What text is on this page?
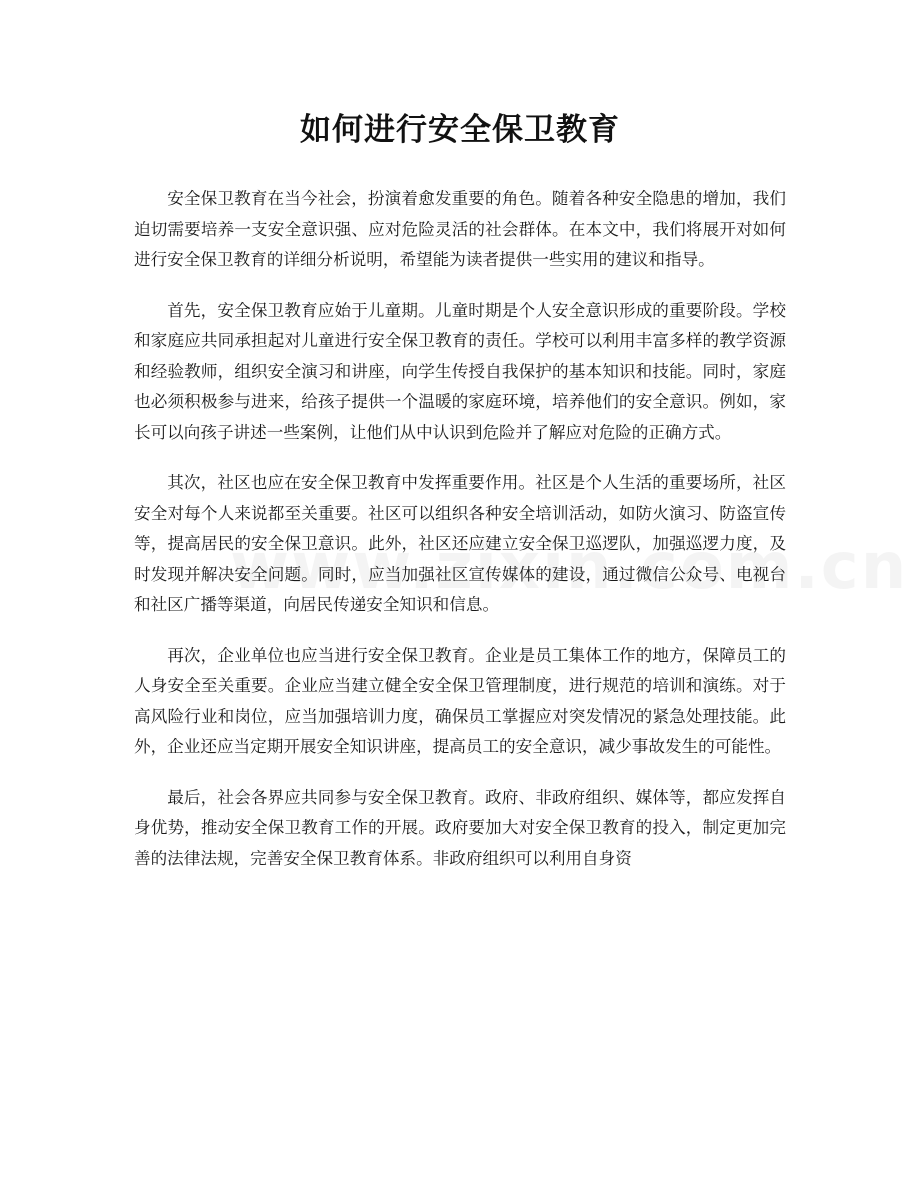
如何进行安全保卫教育

安全保卫教育在当今社会，扮演着愈发重要的角色。随着各种安全隐患的增加，我们迫切需要培养一支安全意识强、应对危险灵活的社会群体。在本文中，我们将展开对如何进行安全保卫教育的详细分析说明，希望能为读者提供一些实用的建议和指导。

首先，安全保卫教育应始于儿童期。儿童时期是个人安全意识形成的重要阶段。学校和家庭应共同承担起对儿童进行安全保卫教育的责任。学校可以利用丰富多样的教学资源和经验教师，组织安全演习和讲座，向学生传授自我保护的基本知识和技能。同时，家庭也必须积极参与进来，给孩子提供一个温暖的家庭环境，培养他们的安全意识。例如，家长可以向孩子讲述一些案例，让他们从中认识到危险并了解应对危险的正确方式。

其次，社区也应在安全保卫教育中发挥重要作用。社区是个人生活的重要场所，社区安全对每个人来说都至关重要。社区可以组织各种安全培训活动，如防火演习、防盗宣传等，提高居民的安全保卫意识。此外，社区还应建立安全保卫巡逻队，加强巡逻力度，及时发现并解决安全问题。同时，应当加强社区宣传媒体的建设，通过微信公众号、电视台和社区广播等渠道，向居民传递安全知识和信息。

再次，企业单位也应当进行安全保卫教育。企业是员工集体工作的地方，保障员工的人身安全至关重要。企业应当建立健全安全保卫管理制度，进行规范的培训和演练。对于高风险行业和岗位，应当加强培训力度，确保员工掌握应对突发情况的紧急处理技能。此外，企业还应当定期开展安全知识讲座，提高员工的安全意识，减少事故发生的可能性。

最后，社会各界应共同参与安全保卫教育。政府、非政府组织、媒体等，都应发挥自身优势，推动安全保卫教育工作的开展。政府要加大对安全保卫教育的投入，制定更加完善的法律法规，完善安全保卫教育体系。非政府组织可以利用自身资
